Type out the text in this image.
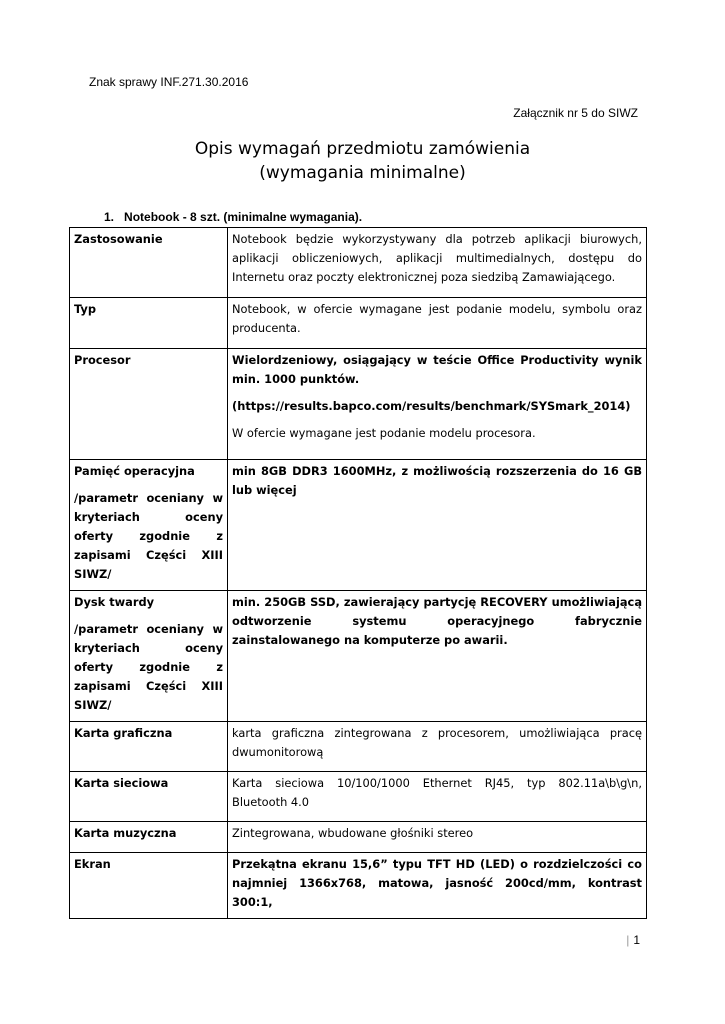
Znak sprawy INF.271.30.2016
Załącznik nr 5 do SIWZ
Opis wymagań przedmiotu zamówienia
(wymagania minimalne)
1. Notebook - 8 szt. (minimalne wymagania).

Zastosowanie	Notebook będzie wykorzystywany dla potrzeb aplikacji biurowych, aplikacji obliczeniowych, aplikacji multimedialnych, dostępu do Internetu oraz poczty elektronicznej poza siedzibą Zamawiającego.

Typ	Notebook, w ofercie wymagane jest podanie modelu, symbolu oraz producenta.

Procesor	Wielordzeniowy, osiągający w teście Office Productivity wynik min. 1000 punktów.

(https://results.bapco.com/results/benchmark/SYSmark_2014)

W ofercie wymagane jest podanie modelu procesora.

Pamięć operacyjna

/parametr oceniany w kryteriach oceny oferty zgodnie z zapisami Części XIII SIWZ/	min 8GB DDR3 1600MHz, z możliwością rozszerzenia do 16 GB lub więcej

Dysk twardy

/parametr oceniany w kryteriach oceny oferty zgodnie z zapisami Części XIII SIWZ/	min. 250GB SSD, zawierający partycję RECOVERY umożliwiającą odtworzenie systemu operacyjnego fabrycznie zainstalowanego na komputerze po awarii.

Karta graficzna	karta graficzna zintegrowana z procesorem, umożliwiająca pracę dwumonitorową

Karta sieciowa	Karta sieciowa 10/100/1000 Ethernet RJ45, typ 802.11a\b\g\n, Bluetooth 4.0

Karta muzyczna	Zintegrowana, wbudowane głośniki stereo

Ekran	Przekątna ekranu 15,6” typu TFT HD (LED) o rozdzielczości co najmniej 1366x768, matowa, jasność 200cd/mm, kontrast 300:1,

| 1
